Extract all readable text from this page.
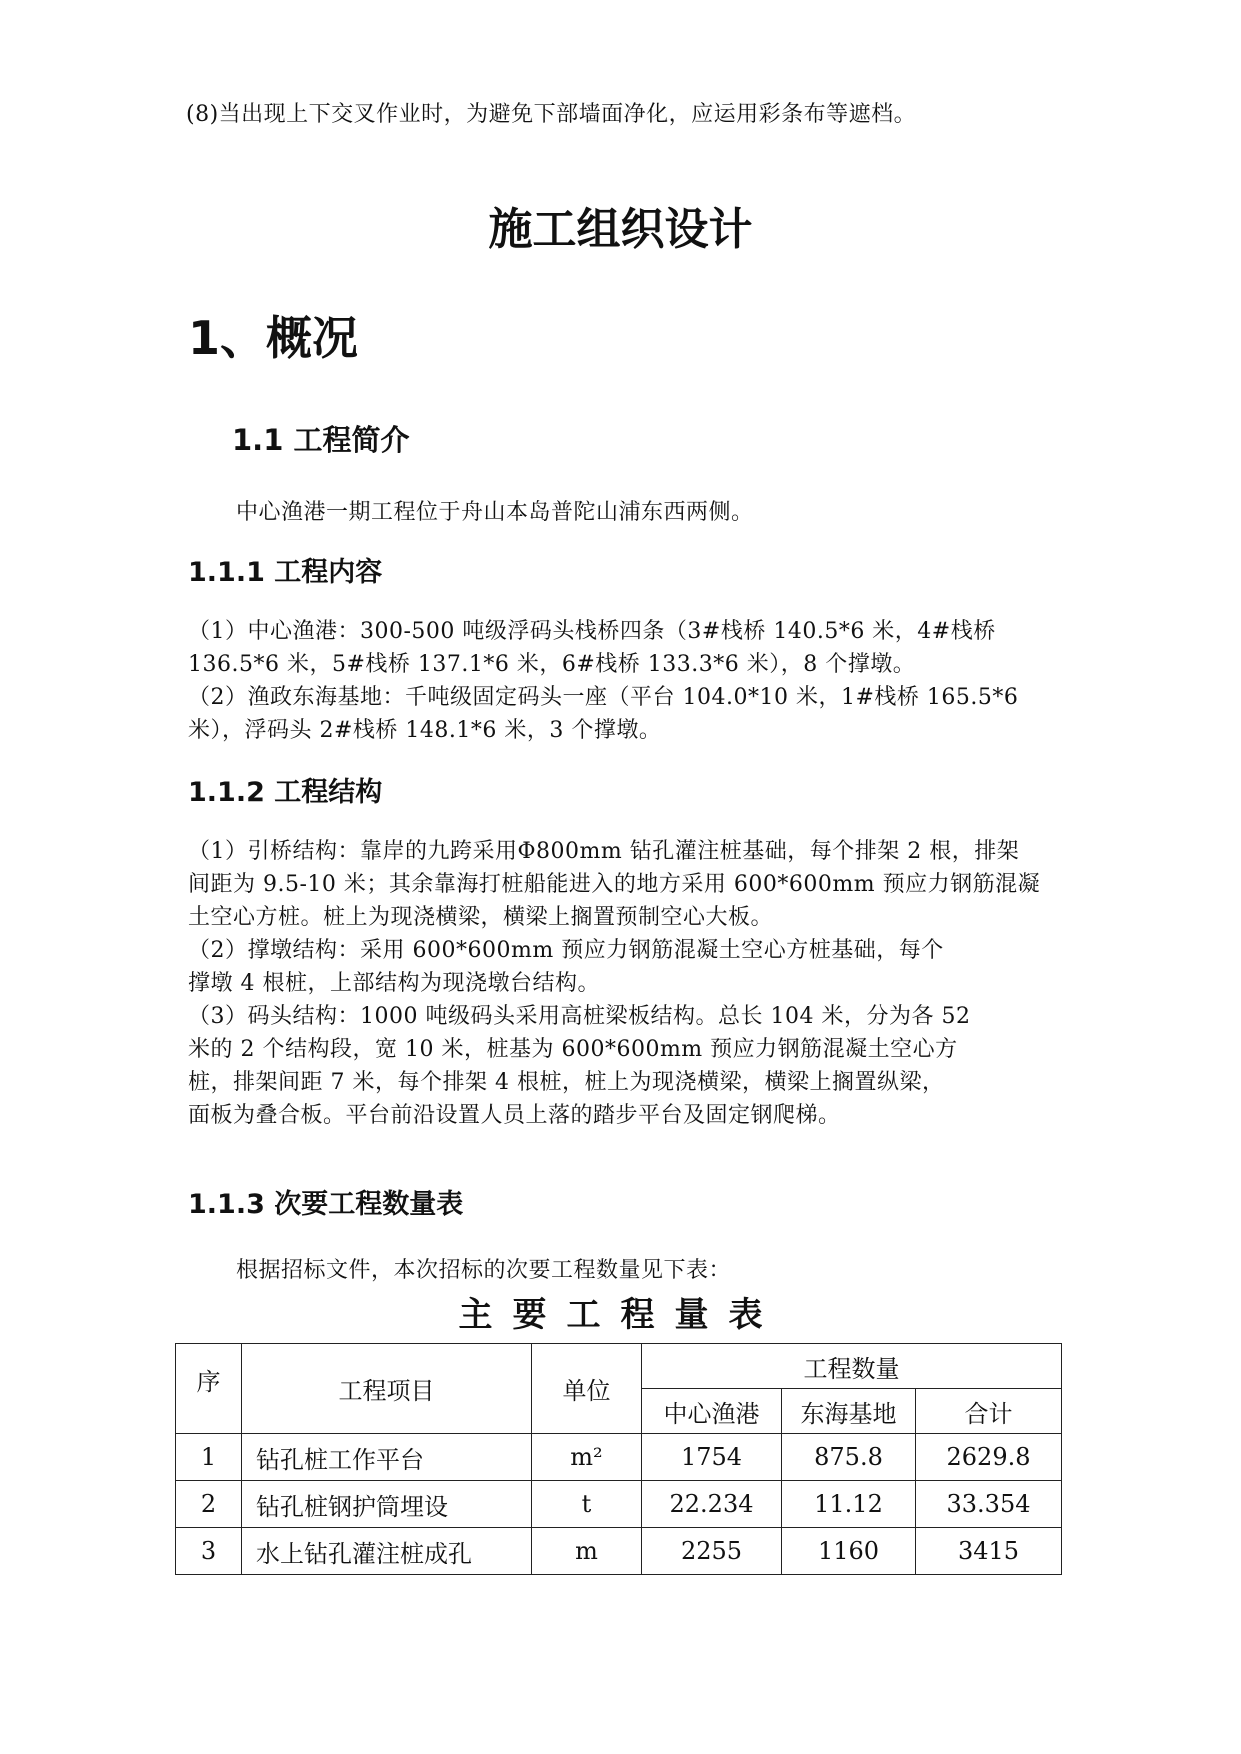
(8)当出现上下交叉作业时，为避免下部墙面净化，应运用彩条布等遮档。
施工组织设计
1、概况
1.1 工程简介
中心渔港一期工程位于舟山本岛普陀山浦东西两侧。
1.1.1 工程内容
（1）中心渔港：300-500 吨级浮码头栈桥四条（3#栈桥 140.5*6 米，4#栈桥
136.5*6 米，5#栈桥 137.1*6 米，6#栈桥 133.3*6 米），8 个撑墩。
（2）渔政东海基地：千吨级固定码头一座（平台 104.0*10 米，1#栈桥 165.5*6
米），浮码头 2#栈桥 148.1*6 米，3 个撑墩。
1.1.2 工程结构
（1）引桥结构：靠岸的九跨采用Φ800mm 钻孔灌注桩基础，每个排架 2 根，排架
间距为 9.5-10 米；其余靠海打桩船能进入的地方采用 600*600mm 预应力钢筋混凝
土空心方桩。桩上为现浇横梁，横梁上搁置预制空心大板。
（2）撑墩结构：采用 600*600mm 预应力钢筋混凝土空心方桩基础，每个
撑墩 4 根桩，上部结构为现浇墩台结构。
（3）码头结构：1000 吨级码头采用高桩梁板结构。总长 104 米，分为各 52
米的 2 个结构段，宽 10 米，桩基为 600*600mm 预应力钢筋混凝土空心方
桩，排架间距 7 米，每个排架 4 根桩，桩上为现浇横梁，横梁上搁置纵梁，
面板为叠合板。平台前沿设置人员上落的踏步平台及固定钢爬梯。
1.1.3 次要工程数量表
根据招标文件，本次招标的次要工程数量见下表：
主要工程量表
序	工程项目	单位	工程数量		
			中心渔港	东海基地	合计
1	钻孔桩工作平台	m²	1754	875.8	2629.8
2	钻孔桩钢护筒埋设	t	22.234	11.12	33.354
3	水上钻孔灌注桩成孔	m	2255	1160	3415
